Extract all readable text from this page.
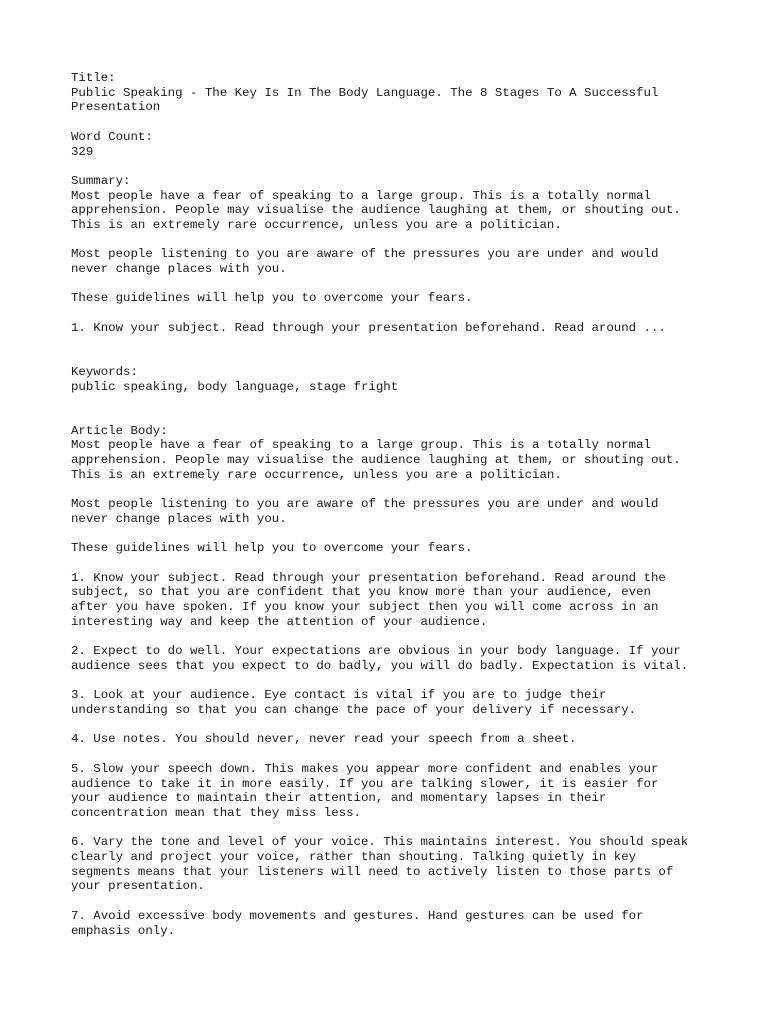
Title:
Public Speaking - The Key Is In The Body Language. The 8 Stages To A Successful
Presentation
Word Count:
329
Summary:
Most people have a fear of speaking to a large group. This is a totally normal
apprehension. People may visualise the audience laughing at them, or shouting out.
This is an extremely rare occurrence, unless you are a politician.
Most people listening to you are aware of the pressures you are under and would
never change places with you.
These guidelines will help you to overcome your fears.
1. Know your subject. Read through your presentation beforehand. Read around ...
Keywords:
public speaking, body language, stage fright
Article Body:
Most people have a fear of speaking to a large group. This is a totally normal
apprehension. People may visualise the audience laughing at them, or shouting out.
This is an extremely rare occurrence, unless you are a politician.
Most people listening to you are aware of the pressures you are under and would
never change places with you.
These guidelines will help you to overcome your fears.
1. Know your subject. Read through your presentation beforehand. Read around the
subject, so that you are confident that you know more than your audience, even
after you have spoken. If you know your subject then you will come across in an
interesting way and keep the attention of your audience.
2. Expect to do well. Your expectations are obvious in your body language. If your
audience sees that you expect to do badly, you will do badly. Expectation is vital.
3. Look at your audience. Eye contact is vital if you are to judge their
understanding so that you can change the pace of your delivery if necessary.
4. Use notes. You should never, never read your speech from a sheet.
5. Slow your speech down. This makes you appear more confident and enables your
audience to take it in more easily. If you are talking slower, it is easier for
your audience to maintain their attention, and momentary lapses in their
concentration mean that they miss less.
6. Vary the tone and level of your voice. This maintains interest. You should speak
clearly and project your voice, rather than shouting. Talking quietly in key
segments means that your listeners will need to actively listen to those parts of
your presentation.
7. Avoid excessive body movements and gestures. Hand gestures can be used for
emphasis only.
